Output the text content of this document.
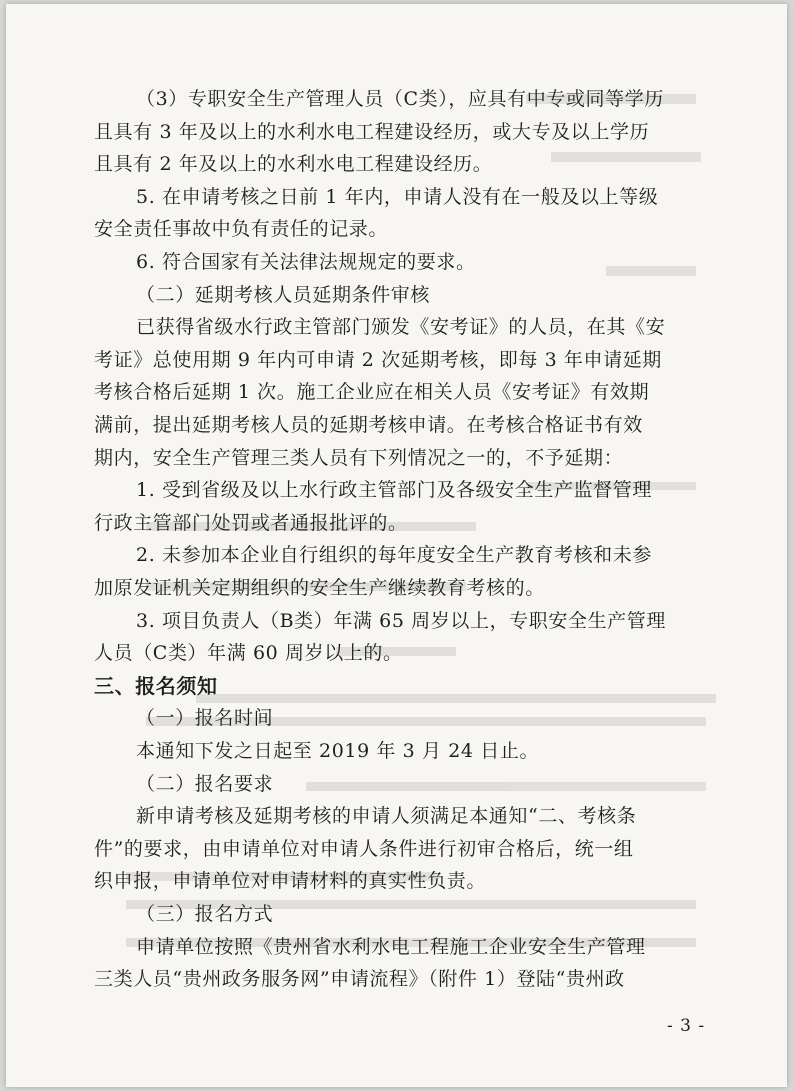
（3）专职安全生产管理人员（C类），应具有中专或同等学历
且具有 3 年及以上的水利水电工程建设经历，或大专及以上学历
且具有 2 年及以上的水利水电工程建设经历。
5. 在申请考核之日前 1 年内，申请人没有在一般及以上等级
安全责任事故中负有责任的记录。
6. 符合国家有关法律法规规定的要求。
（二）延期考核人员延期条件审核
已获得省级水行政主管部门颁发《安考证》的人员，在其《安
考证》总使用期 9 年内可申请 2 次延期考核，即每 3 年申请延期
考核合格后延期 1 次。施工企业应在相关人员《安考证》有效期
满前，提出延期考核人员的延期考核申请。在考核合格证书有效
期内，安全生产管理三类人员有下列情况之一的，不予延期：
1. 受到省级及以上水行政主管部门及各级安全生产监督管理
行政主管部门处罚或者通报批评的。
2. 未参加本企业自行组织的每年度安全生产教育考核和未参
加原发证机关定期组织的安全生产继续教育考核的。
3. 项目负责人（B类）年满 65 周岁以上，专职安全生产管理
人员（C类）年满 60 周岁以上的。
三、报名须知
（一）报名时间
本通知下发之日起至 2019 年 3 月 24 日止。
（二）报名要求
新申请考核及延期考核的申请人须满足本通知“二、考核条
件”的要求，由申请单位对申请人条件进行初审合格后，统一组
织申报，申请单位对申请材料的真实性负责。
（三）报名方式
申请单位按照《贵州省水利水电工程施工企业安全生产管理
三类人员“贵州政务服务网”申请流程》（附件 1）登陆“贵州政
- 3 -
